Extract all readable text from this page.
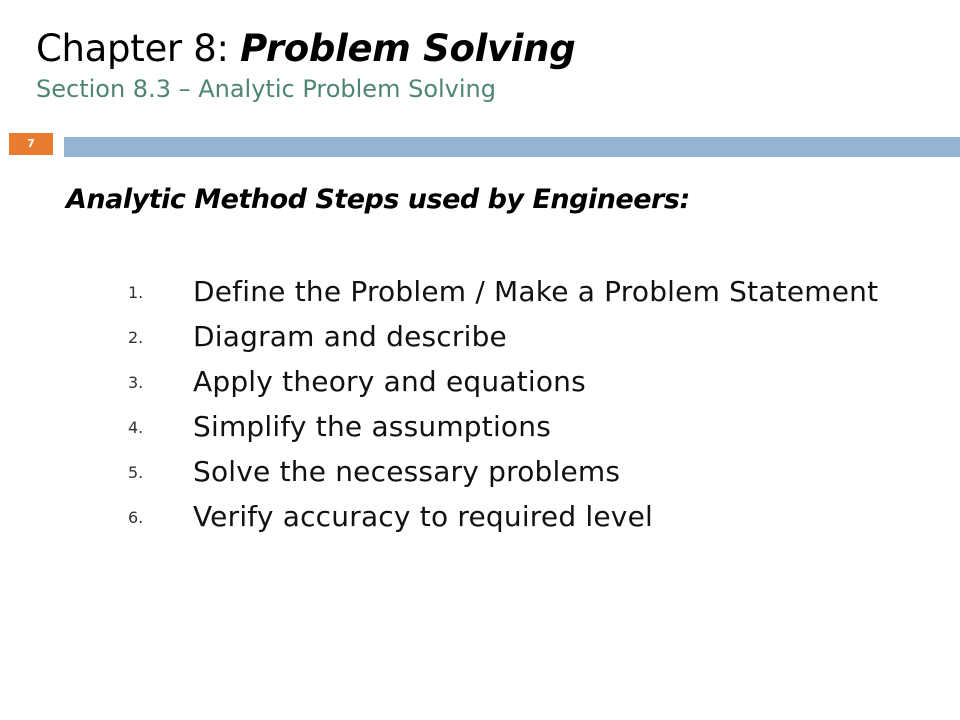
Chapter 8: Problem Solving
Section 8.3 – Analytic Problem Solving
7
Analytic Method Steps used by Engineers:
1. Define the Problem / Make a Problem Statement
2. Diagram and describe
3. Apply theory and equations
4. Simplify the assumptions
5. Solve the necessary problems
6. Verify accuracy to required level
